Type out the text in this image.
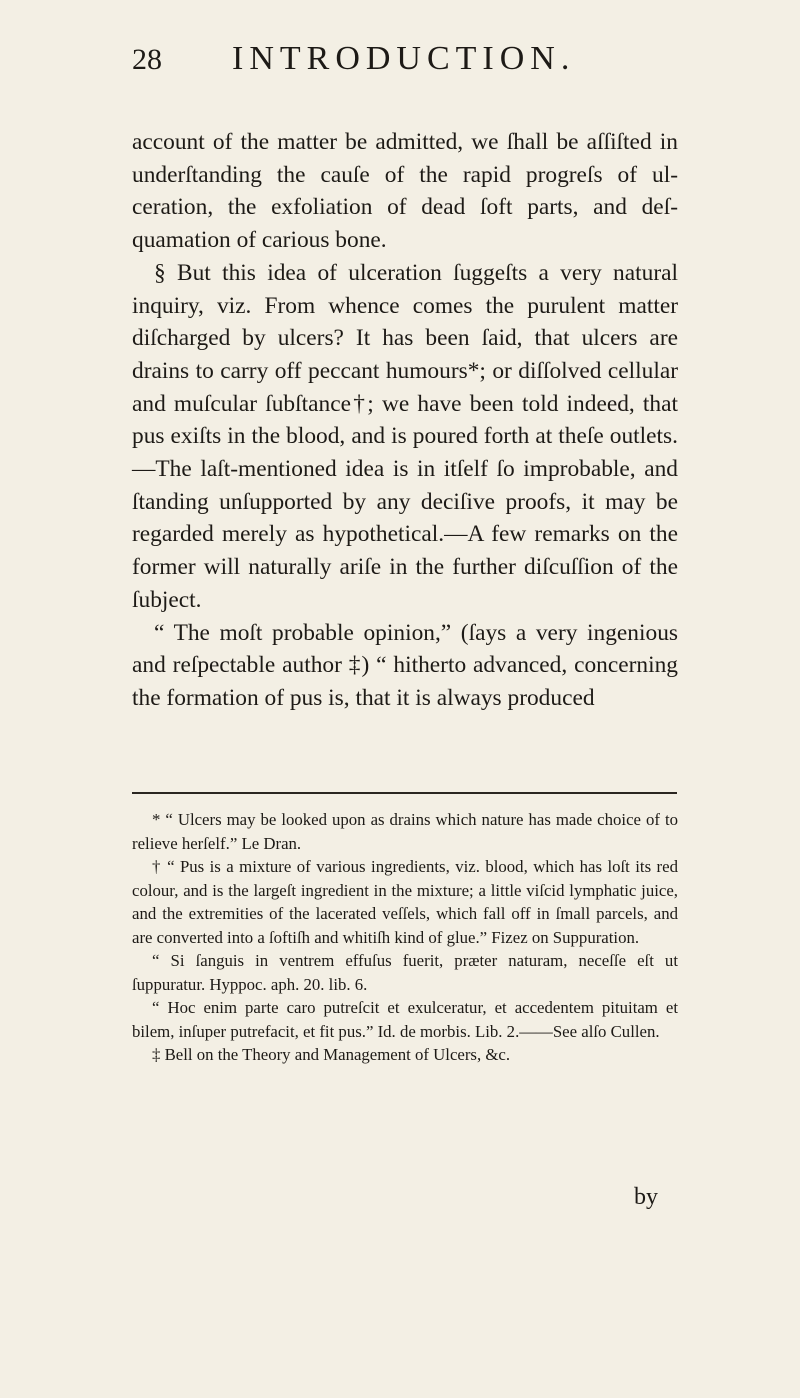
28	INTRODUCTION.

account of the matter be admitted, we ſhall be aſſiſted in underſtanding the cauſe of the rapid progreſs of ulceration, the exfoliation of dead ſoft parts, and deſquamation of carious bone.

§ But this idea of ulceration ſuggeſts a very natural inquiry, viz. From whence comes the purulent matter diſcharged by ulcers? It has been ſaid, that ulcers are drains to carry off peccant humours*; or diſſolved cellular and muſcular ſubſtance†; we have been told indeed, that pus exiſts in the blood, and is poured forth at theſe outlets.—The laſt-mentioned idea is in itſelf ſo improbable, and ſtanding unſupported by any deciſive proofs, it may be regarded merely as hypothetical.—A few remarks on the former will naturally ariſe in the further diſcuſſion of the ſubject.

“ The moſt probable opinion,” (ſays a very ingenious and reſpectable author ‡) “ hitherto advanced, concerning the formation of pus is, that it is always produced

* “ Ulcers may be looked upon as drains which nature has made choice of to relieve herſelf.” Le Dran.

† “ Pus is a mixture of various ingredients, viz. blood, which has loſt its red colour, and is the largeſt ingredient in the mixture; a little viſcid lymphatic juice, and the extremities of the lacerated veſſels, which fall off in ſmall parcels, and are converted into a ſoftiſh and whitiſh kind of glue.” Fizez on Suppuration.

“ Si ſanguis in ventrem effuſus fuerit, præter naturam, neceſſe eſt ut ſuppuratur. Hyppoc. aph. 20. lib. 6.

“ Hoc enim parte caro putreſcit et exulceratur, et accedentem pituitam et bilem, inſuper putrefacit, et fit pus.” Id. de morbis. Lib. 2.——See alſo Cullen.

‡ Bell on the Theory and Management of Ulcers, &c.

by
